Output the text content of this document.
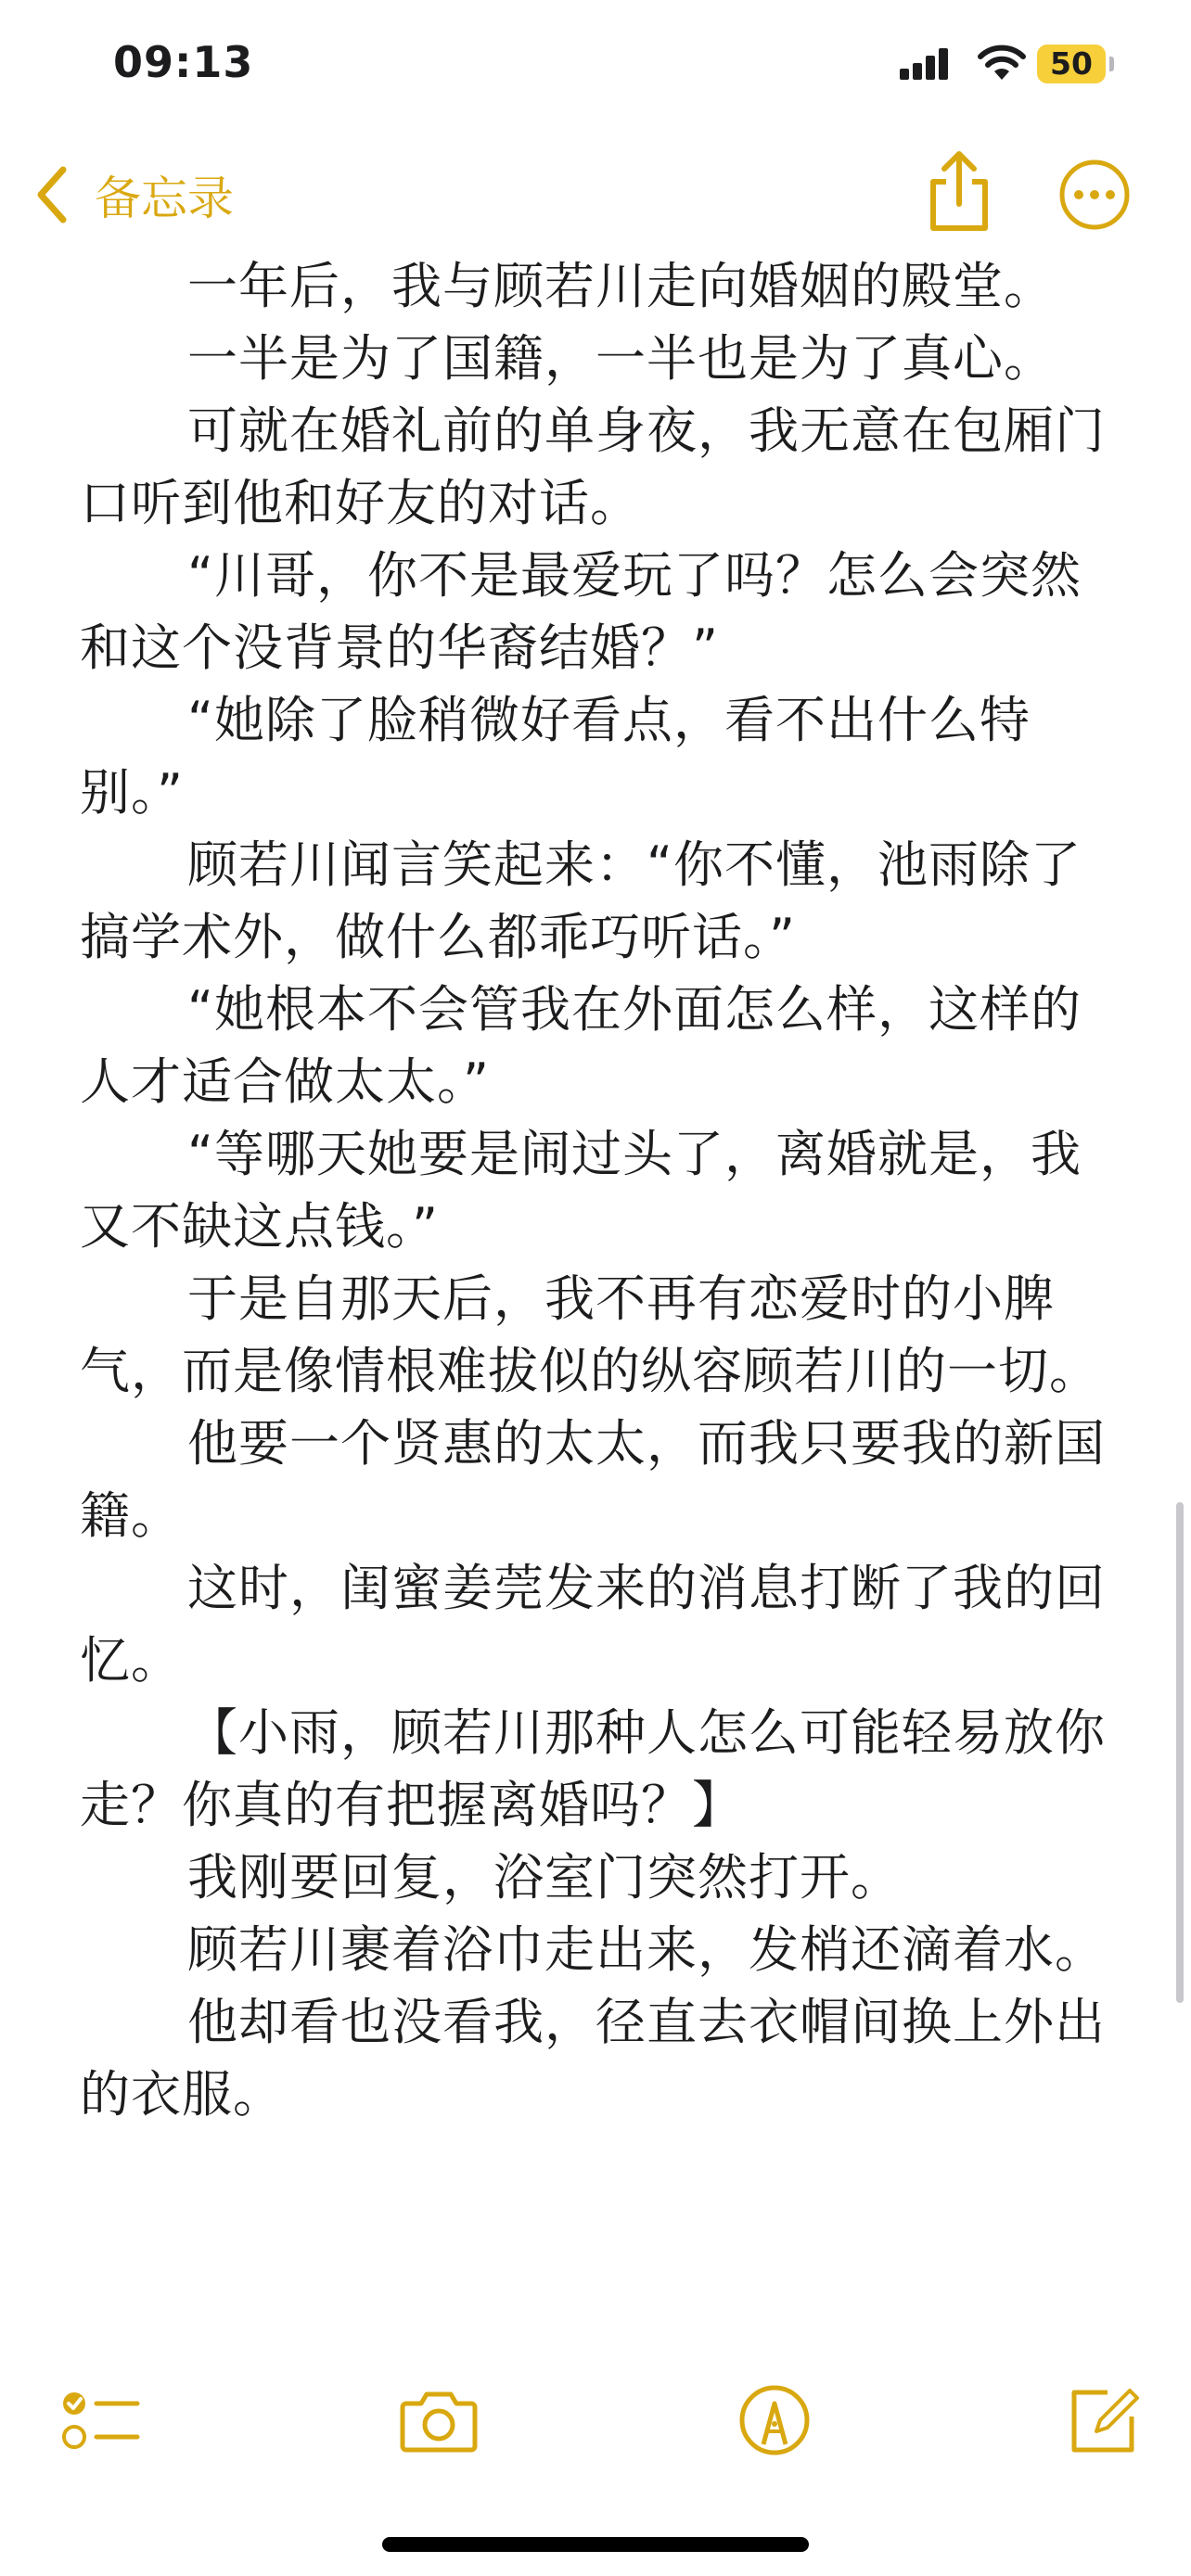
09:13	50
备忘录

一年后，我与顾若川走向婚姻的殿堂。

一半是为了国籍，一半也是为了真心。

可就在婚礼前的单身夜，我无意在包厢门口听到他和好友的对话。

“川哥，你不是最爱玩了吗？怎么会突然和这个没背景的华裔结婚？”

“她除了脸稍微好看点，看不出什么特别。”

顾若川闻言笑起来：“你不懂，池雨除了搞学术外，做什么都乖巧听话。”

“她根本不会管我在外面怎么样，这样的人才适合做太太。”

“等哪天她要是闹过头了，离婚就是，我又不缺这点钱。”

于是自那天后，我不再有恋爱时的小脾气，而是像情根难拔似的纵容顾若川的一切。

他要一个贤惠的太太，而我只要我的新国籍。

这时，闺蜜姜莞发来的消息打断了我的回忆。

【小雨，顾若川那种人怎么可能轻易放你走？你真的有把握离婚吗？】

我刚要回复，浴室门突然打开。

顾若川裹着浴巾走出来，发梢还滴着水。

他却看也没看我，径直去衣帽间换上外出的衣服。
